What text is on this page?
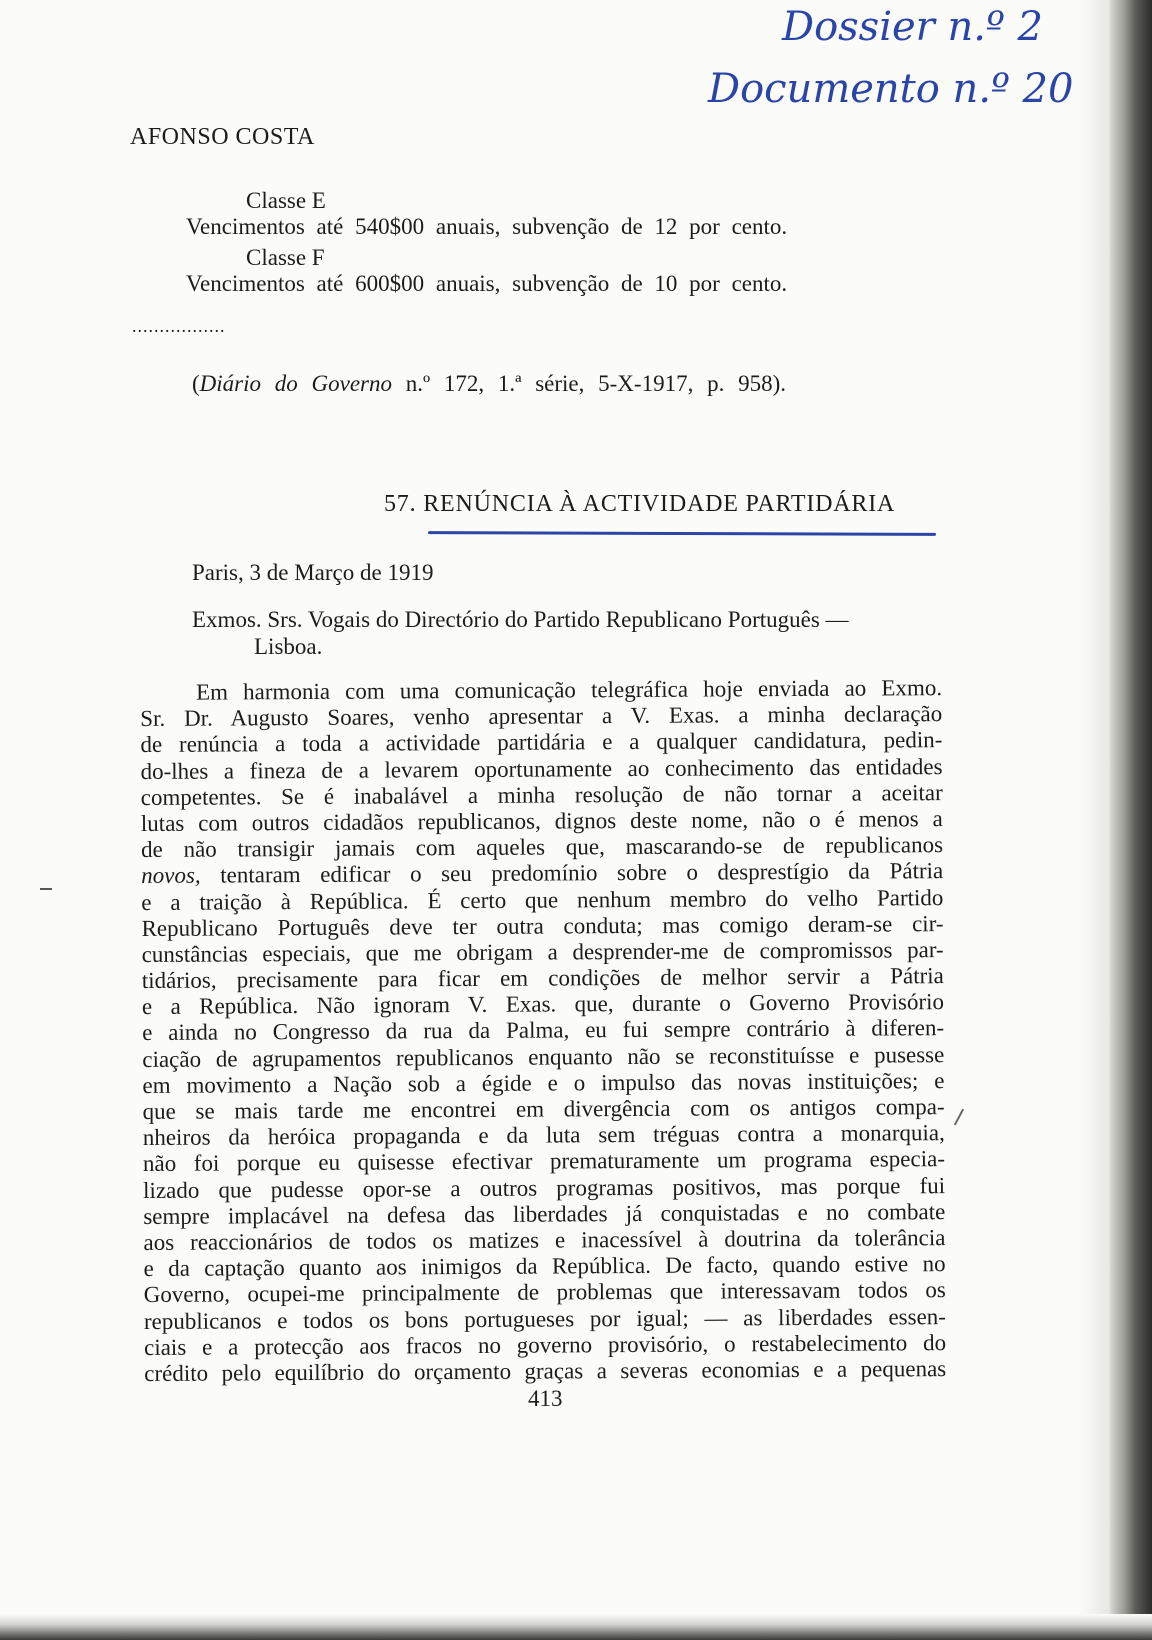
Dossier n.º 2
Documento n.º 20
AFONSO COSTA
Classe E
Vencimentos até 540$00 anuais, subvenção de 12 por cento.
Classe F
Vencimentos até 600$00 anuais, subvenção de 10 por cento.
.................
(Diário do Governo n.º 172, 1.ª série, 5-X-1917, p. 958).
57. RENÚNCIA À ACTIVIDADE PARTIDÁRIA
Paris, 3 de Março de 1919
Exmos. Srs. Vogais do Directório do Partido Republicano Português —
Lisboa.
Em harmonia com uma comunicação telegráfica hoje enviada ao Exmo.
Sr. Dr. Augusto Soares, venho apresentar a V. Exas. a minha declaração
de renúncia a toda a actividade partidária e a qualquer candidatura, pedin-
do-lhes a fineza de a levarem oportunamente ao conhecimento das entidades
competentes. Se é inabalável a minha resolução de não tornar a aceitar
lutas com outros cidadãos republicanos, dignos deste nome, não o é menos a
de não transigir jamais com aqueles que, mascarando-se de republicanos
novos, tentaram edificar o seu predomínio sobre o desprestígio da Pátria
e a traição à República. É certo que nenhum membro do velho Partido
Republicano Português deve ter outra conduta; mas comigo deram-se cir-
cunstâncias especiais, que me obrigam a desprender-me de compromissos par-
tidários, precisamente para ficar em condições de melhor servir a Pátria
e a República. Não ignoram V. Exas. que, durante o Governo Provisório
e ainda no Congresso da rua da Palma, eu fui sempre contrário à diferen-
ciação de agrupamentos republicanos enquanto não se reconstituísse e pusesse
em movimento a Nação sob a égide e o impulso das novas instituições; e
que se mais tarde me encontrei em divergência com os antigos compa-
nheiros da heróica propaganda e da luta sem tréguas contra a monarquia,
não foi porque eu quisesse efectivar prematuramente um programa especia-
lizado que pudesse opor-se a outros programas positivos, mas porque fui
sempre implacável na defesa das liberdades já conquistadas e no combate
aos reaccionários de todos os matizes e inacessível à doutrina da tolerância
e da captação quanto aos inimigos da República. De facto, quando estive no
Governo, ocupei-me principalmente de problemas que interessavam todos os
republicanos e todos os bons portugueses por igual; — as liberdades essen-
ciais e a protecção aos fracos no governo provisório, o restabelecimento do
crédito pelo equilíbrio do orçamento graças a severas economias e a pequenas
413
